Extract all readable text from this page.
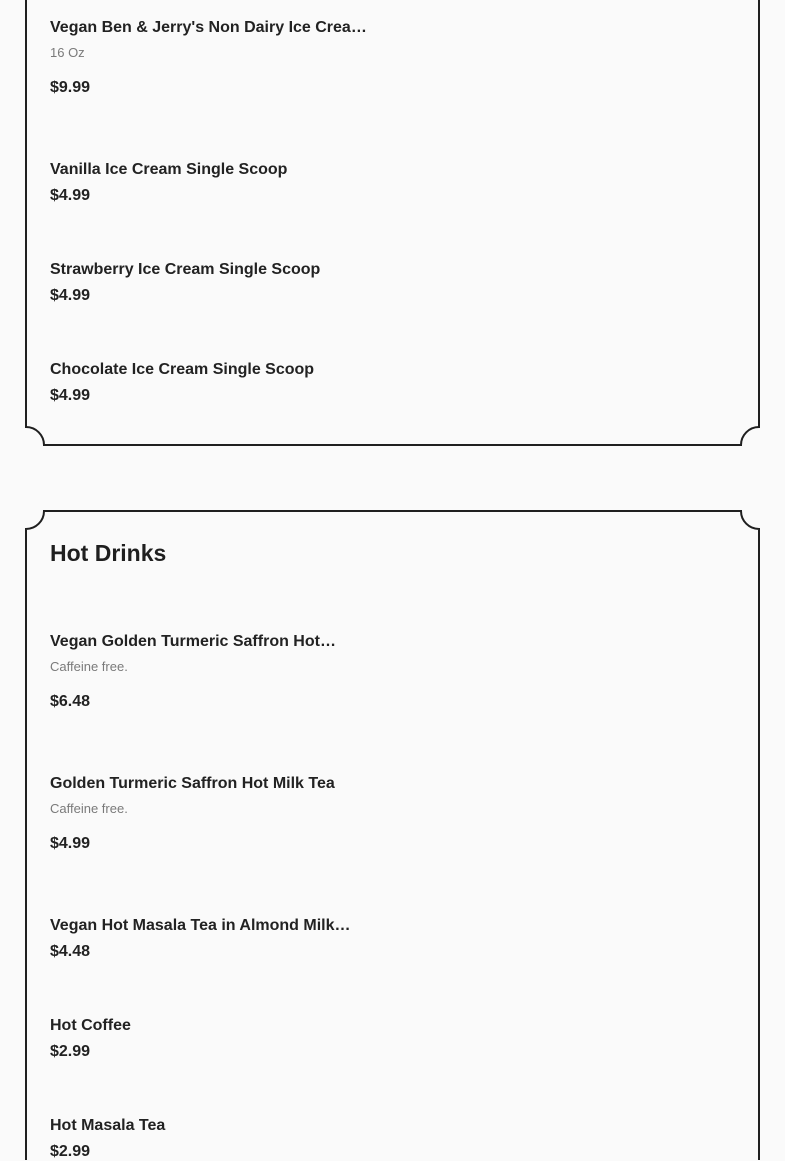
Vegan Ben & Jerry's Non Dairy Ice Crea…
16 Oz
$9.99
Vanilla Ice Cream Single Scoop
$4.99
Strawberry Ice Cream Single Scoop
$4.99
Chocolate Ice Cream Single Scoop
$4.99
Hot Drinks
Vegan Golden Turmeric Saffron Hot…
Caffeine free.
$6.48
Golden Turmeric Saffron Hot Milk Tea
Caffeine free.
$4.99
Vegan Hot Masala Tea in Almond Milk…
$4.48
Hot Coffee
$2.99
Hot Masala Tea
$2.99
